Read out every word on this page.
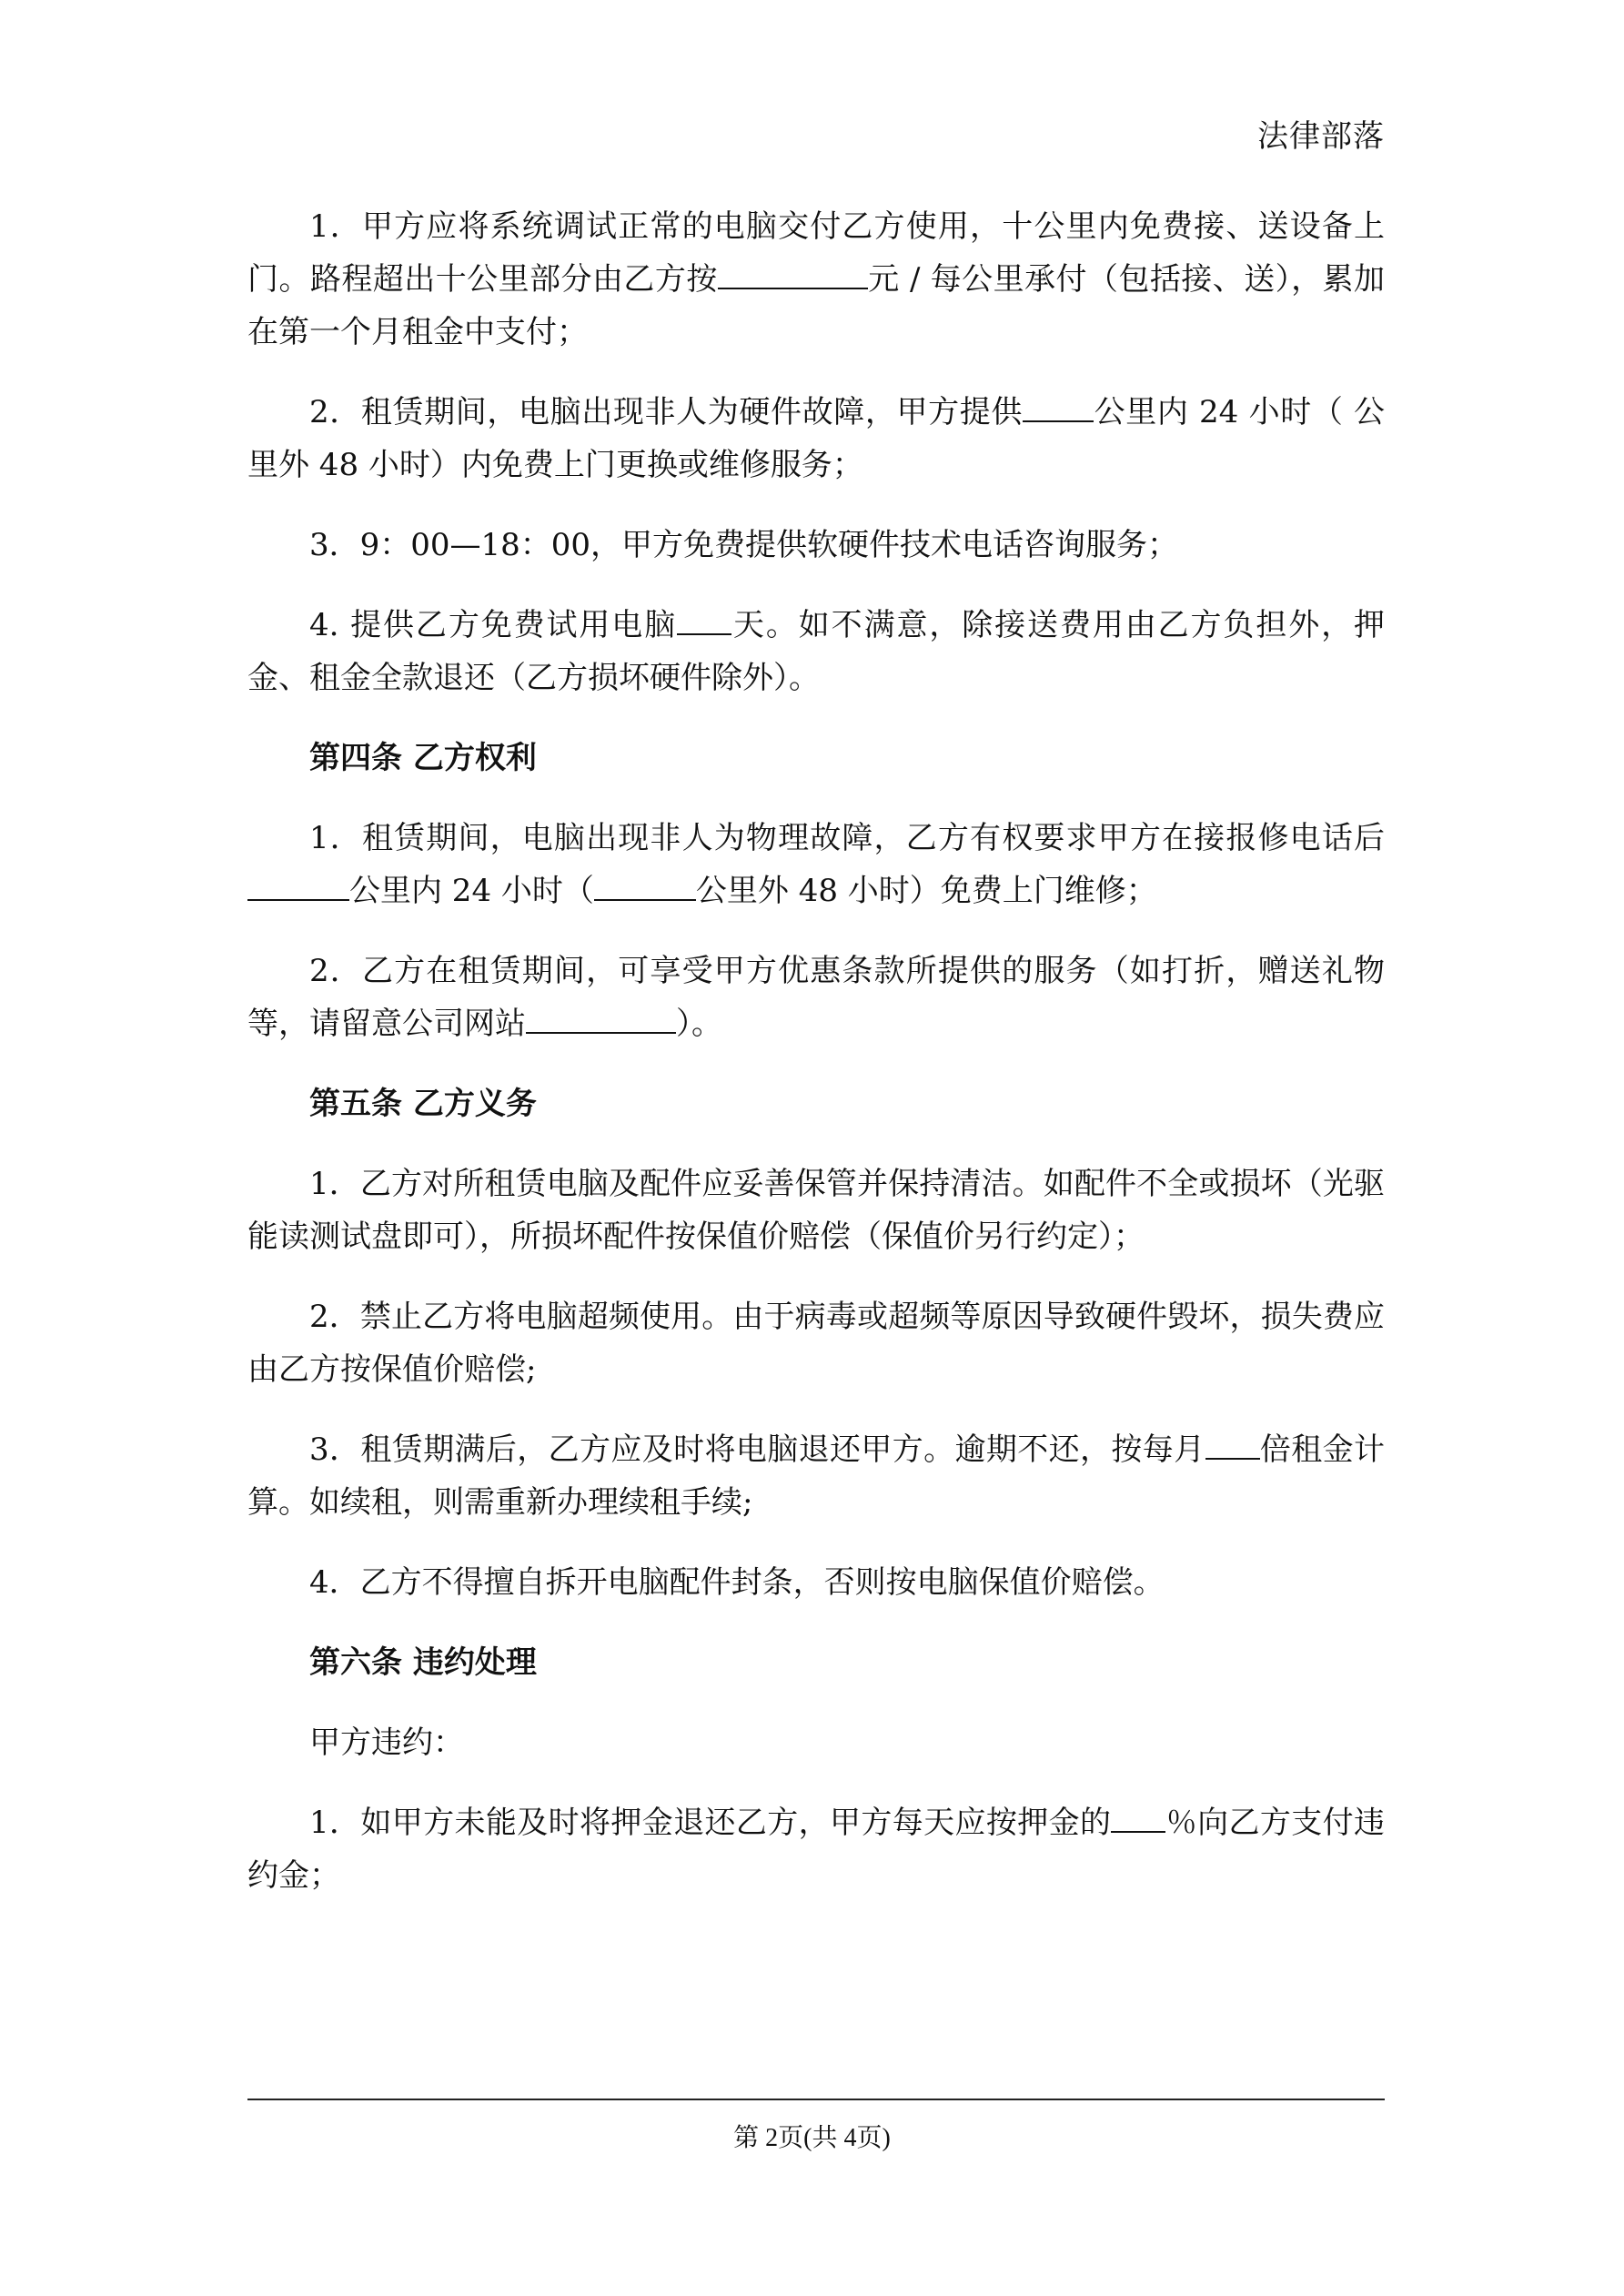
法律部落

1．甲方应将系统调试正常的电脑交付乙方使用，十公里内免费接、送设备上门。路程超出十公里部分由乙方按	元 / 每公里承付（包括接、送），累加在第一个月租金中支付；

2．租赁期间，电脑出现非人为硬件故障，甲方提供 公里内 24 小时（ 公里外 48 小时）内免费上门更换或维修服务；

3．9：00—18：00，甲方免费提供软硬件技术电话咨询服务；

4. 提供乙方免费试用电脑 天。如不满意，除接送费用由乙方负担外，押金、租金全款退还（乙方损坏硬件除外）。

第四条 乙方权利

1．租赁期间，电脑出现非人为物理故障，乙方有权要求甲方在接报修电话后公里内 24 小时（	公里外 48 小时）免费上门维修；

2．乙方在租赁期间，可享受甲方优惠条款所提供的服务（如打折，赠送礼物等，请留意公司网站	）。

第五条 乙方义务

1．乙方对所租赁电脑及配件应妥善保管并保持清洁。如配件不全或损坏（光驱能读测试盘即可），所损坏配件按保值价赔偿（保值价另行约定）；

2．禁止乙方将电脑超频使用。由于病毒或超频等原因导致硬件毁坏，损失费应由乙方按保值价赔偿;

3．租赁期满后，乙方应及时将电脑退还甲方。逾期不还，按每月 倍租金计算。如续租，则需重新办理续租手续;

4．乙方不得擅自拆开电脑配件封条，否则按电脑保值价赔偿。

第六条 违约处理

甲方违约：

1．如甲方未能及时将押金退还乙方，甲方每天应按押金的 ％向乙方支付违约金；

第 2页(共 4页)
